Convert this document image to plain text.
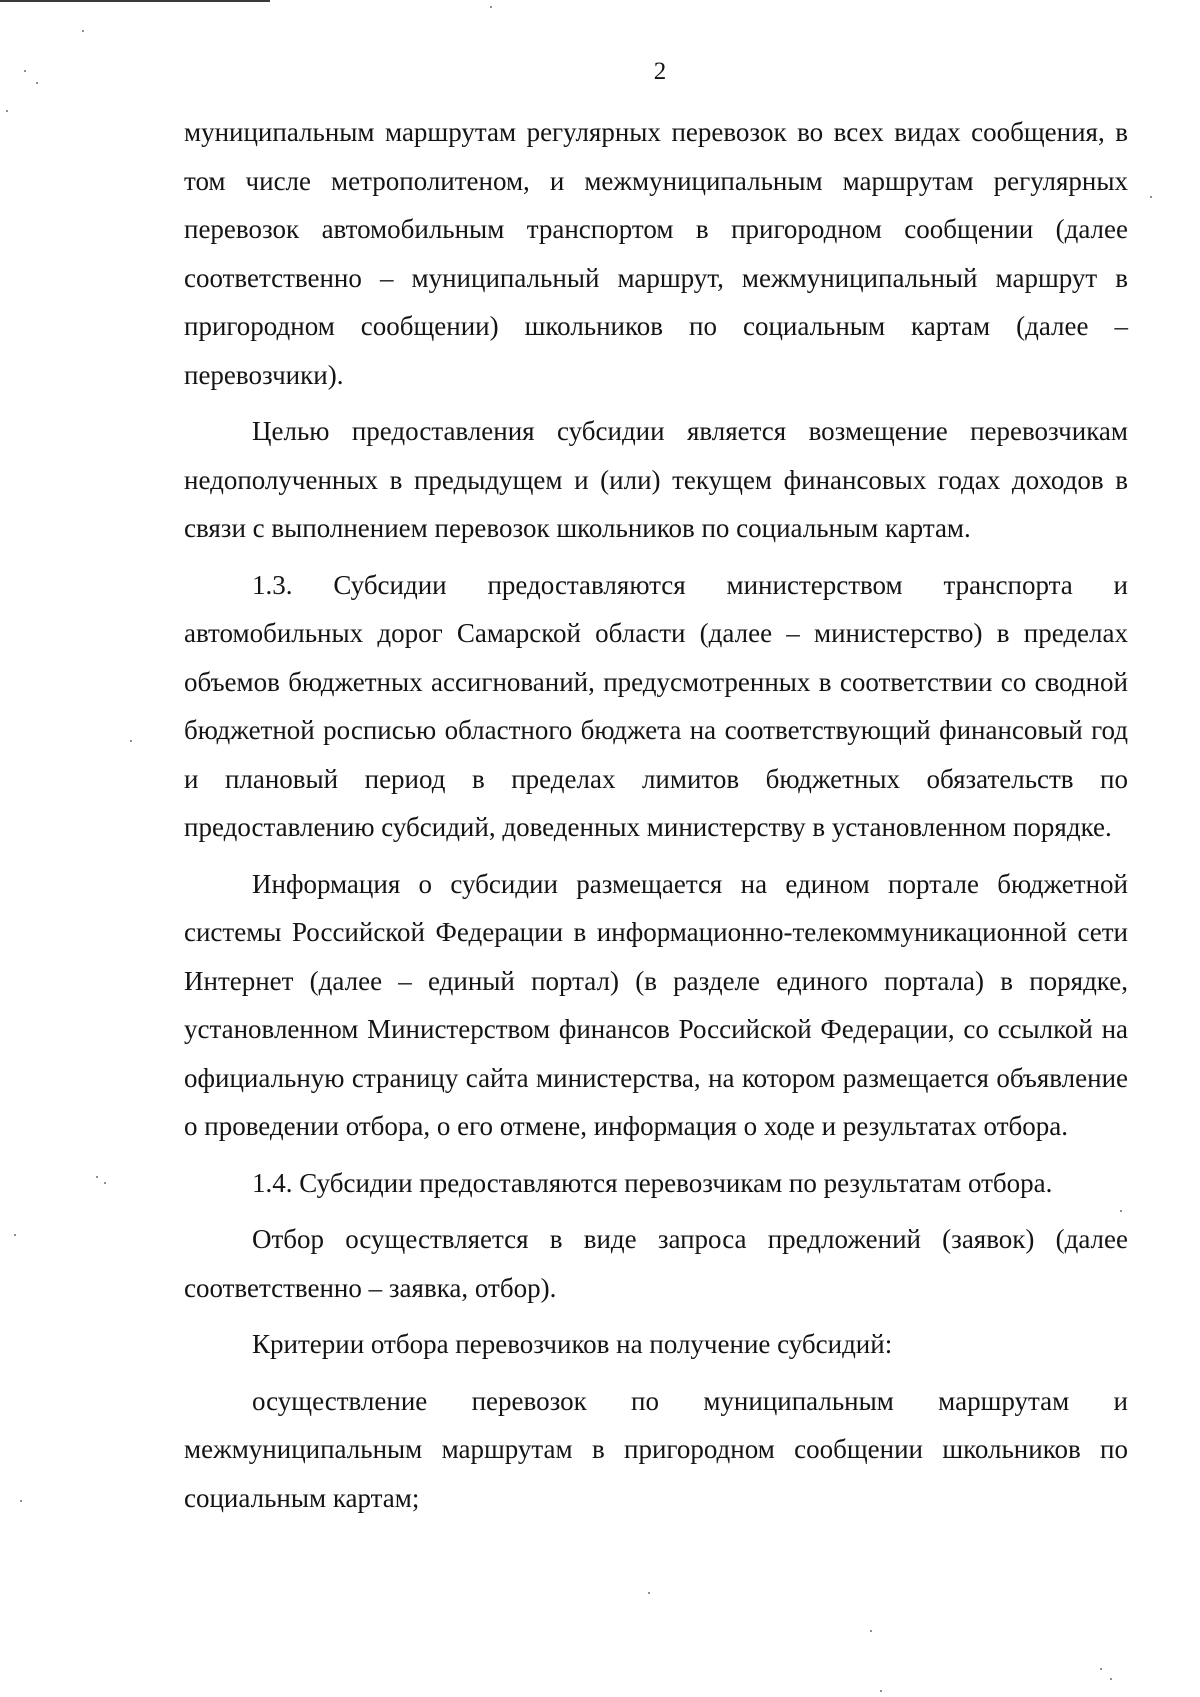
2

муниципальным маршрутам регулярных перевозок во всех видах сообщения, в том числе метрополитеном, и межмуниципальным маршрутам регулярных перевозок автомобильным транспортом в пригородном сообщении (далее соответственно – муниципальный маршрут, межмуниципальный маршрут в пригородном сообщении) школьников по социальным картам (далее – перевозчики).

Целью предоставления субсидии является возмещение перевозчикам недополученных в предыдущем и (или) текущем финансовых годах доходов в связи с выполнением перевозок школьников по социальным картам.

1.3. Субсидии предоставляются министерством транспорта и автомобильных дорог Самарской области (далее – министерство) в пределах объемов бюджетных ассигнований, предусмотренных в соответствии со сводной бюджетной росписью областного бюджета на соответствующий финансовый год и плановый период в пределах лимитов бюджетных обязательств по предоставлению субсидий, доведенных министерству в установленном порядке.

Информация о субсидии размещается на едином портале бюджетной системы Российской Федерации в информационно-телекоммуникационной сети Интернет (далее – единый портал) (в разделе единого портала) в порядке, установленном Министерством финансов Российской Федерации, со ссылкой на официальную страницу сайта министерства, на котором размещается объявление о проведении отбора, о его отмене, информация о ходе и результатах отбора.

1.4. Субсидии предоставляются перевозчикам по результатам отбора.

Отбор осуществляется в виде запроса предложений (заявок) (далее соответственно – заявка, отбор).

Критерии отбора перевозчиков на получение субсидий:

осуществление перевозок по муниципальным маршрутам и межмуниципальным маршрутам в пригородном сообщении школьников по социальным картам;
